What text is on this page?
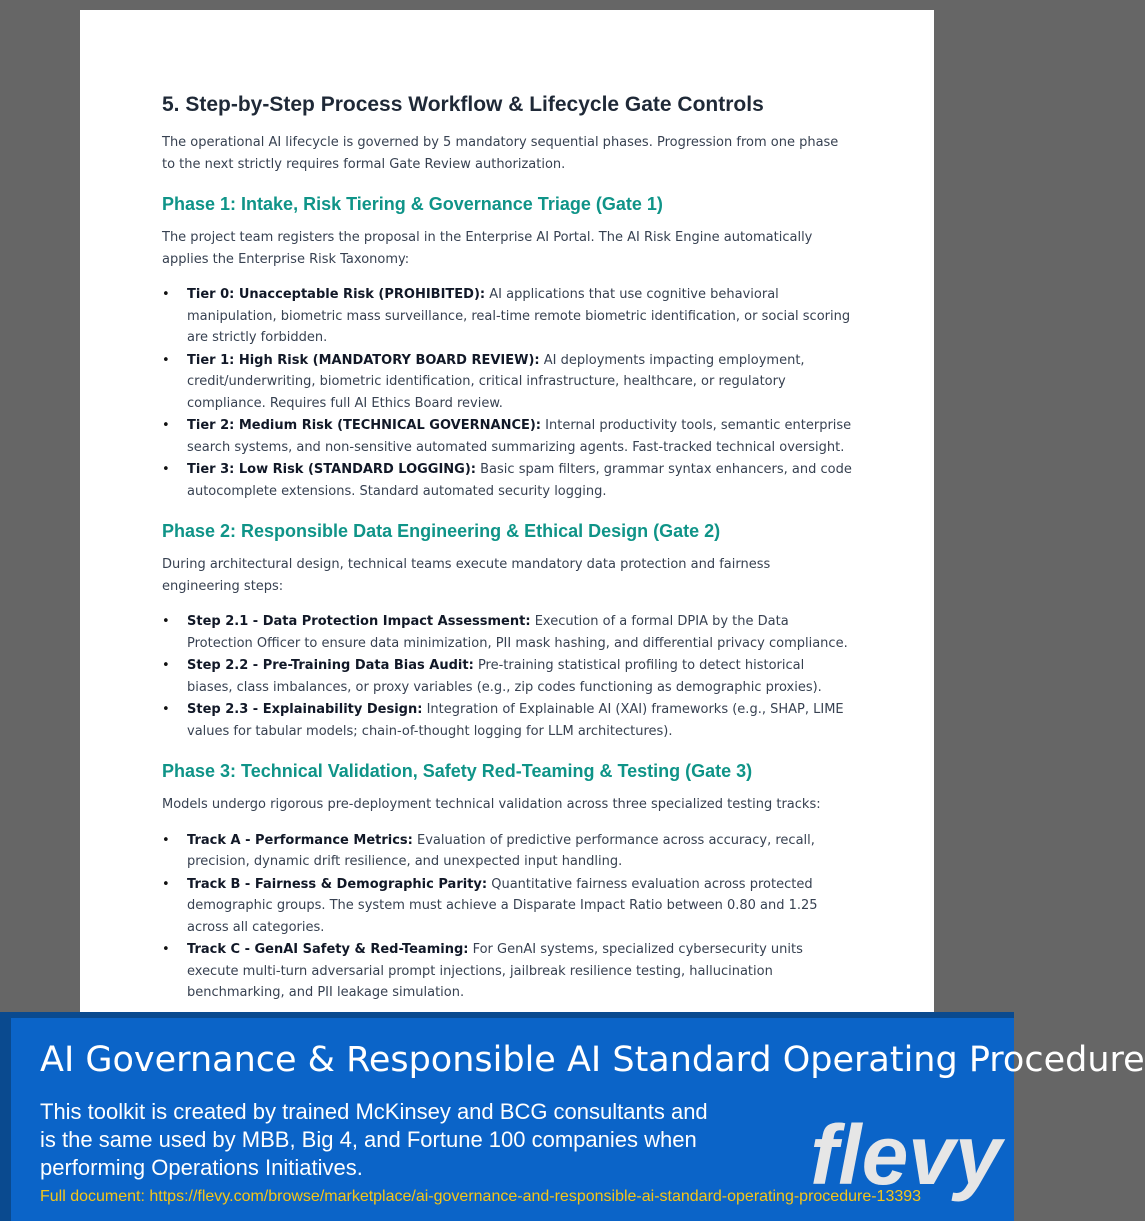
5. Step-by-Step Process Workflow & Lifecycle Gate Controls

The operational AI lifecycle is governed by 5 mandatory sequential phases. Progression from one phase to the next strictly requires formal Gate Review authorization.

Phase 1: Intake, Risk Tiering & Governance Triage (Gate 1)

The project team registers the proposal in the Enterprise AI Portal. The AI Risk Engine automatically applies the Enterprise Risk Taxonomy:

• Tier 0: Unacceptable Risk (PROHIBITED): AI applications that use cognitive behavioral manipulation, biometric mass surveillance, real-time remote biometric identification, or social scoring are strictly forbidden.
• Tier 1: High Risk (MANDATORY BOARD REVIEW): AI deployments impacting employment, credit/underwriting, biometric identification, critical infrastructure, healthcare, or regulatory compliance. Requires full AI Ethics Board review.
• Tier 2: Medium Risk (TECHNICAL GOVERNANCE): Internal productivity tools, semantic enterprise search systems, and non-sensitive automated summarizing agents. Fast-tracked technical oversight.
• Tier 3: Low Risk (STANDARD LOGGING): Basic spam filters, grammar syntax enhancers, and code autocomplete extensions. Standard automated security logging.
Phase 2: Responsible Data Engineering & Ethical Design (Gate 2)

During architectural design, technical teams execute mandatory data protection and fairness engineering steps:

• Step 2.1 - Data Protection Impact Assessment: Execution of a formal DPIA by the Data Protection Officer to ensure data minimization, PII mask hashing, and differential privacy compliance.
• Step 2.2 - Pre-Training Data Bias Audit: Pre-training statistical profiling to detect historical biases, class imbalances, or proxy variables (e.g., zip codes functioning as demographic proxies).
• Step 2.3 - Explainability Design: Integration of Explainable AI (XAI) frameworks (e.g., SHAP, LIME values for tabular models; chain-of-thought logging for LLM architectures).
Phase 3: Technical Validation, Safety Red-Teaming & Testing (Gate 3)

Models undergo rigorous pre-deployment technical validation across three specialized testing tracks:

• Track A - Performance Metrics: Evaluation of predictive performance across accuracy, recall, precision, dynamic drift resilience, and unexpected input handling.
• Track B - Fairness & Demographic Parity: Quantitative fairness evaluation across protected demographic groups. The system must achieve a Disparate Impact Ratio between 0.80 and 1.25 across all categories.
• Track C - GenAI Safety & Red-Teaming: For GenAI systems, specialized cybersecurity units execute multi-turn adversarial prompt injections, jailbreak resilience testing, hallucination benchmarking, and PII leakage simulation.
AI Governance & Responsible AI Standard Operating Procedure
This toolkit is created by trained McKinsey and BCG consultants and is the same used by MBB, Big 4, and Fortune 100 companies when performing Operations Initiatives.	flevy
Full document: https://flevy.com/browse/marketplace/ai-governance-and-responsible-ai-standard-operating-procedure-13393
